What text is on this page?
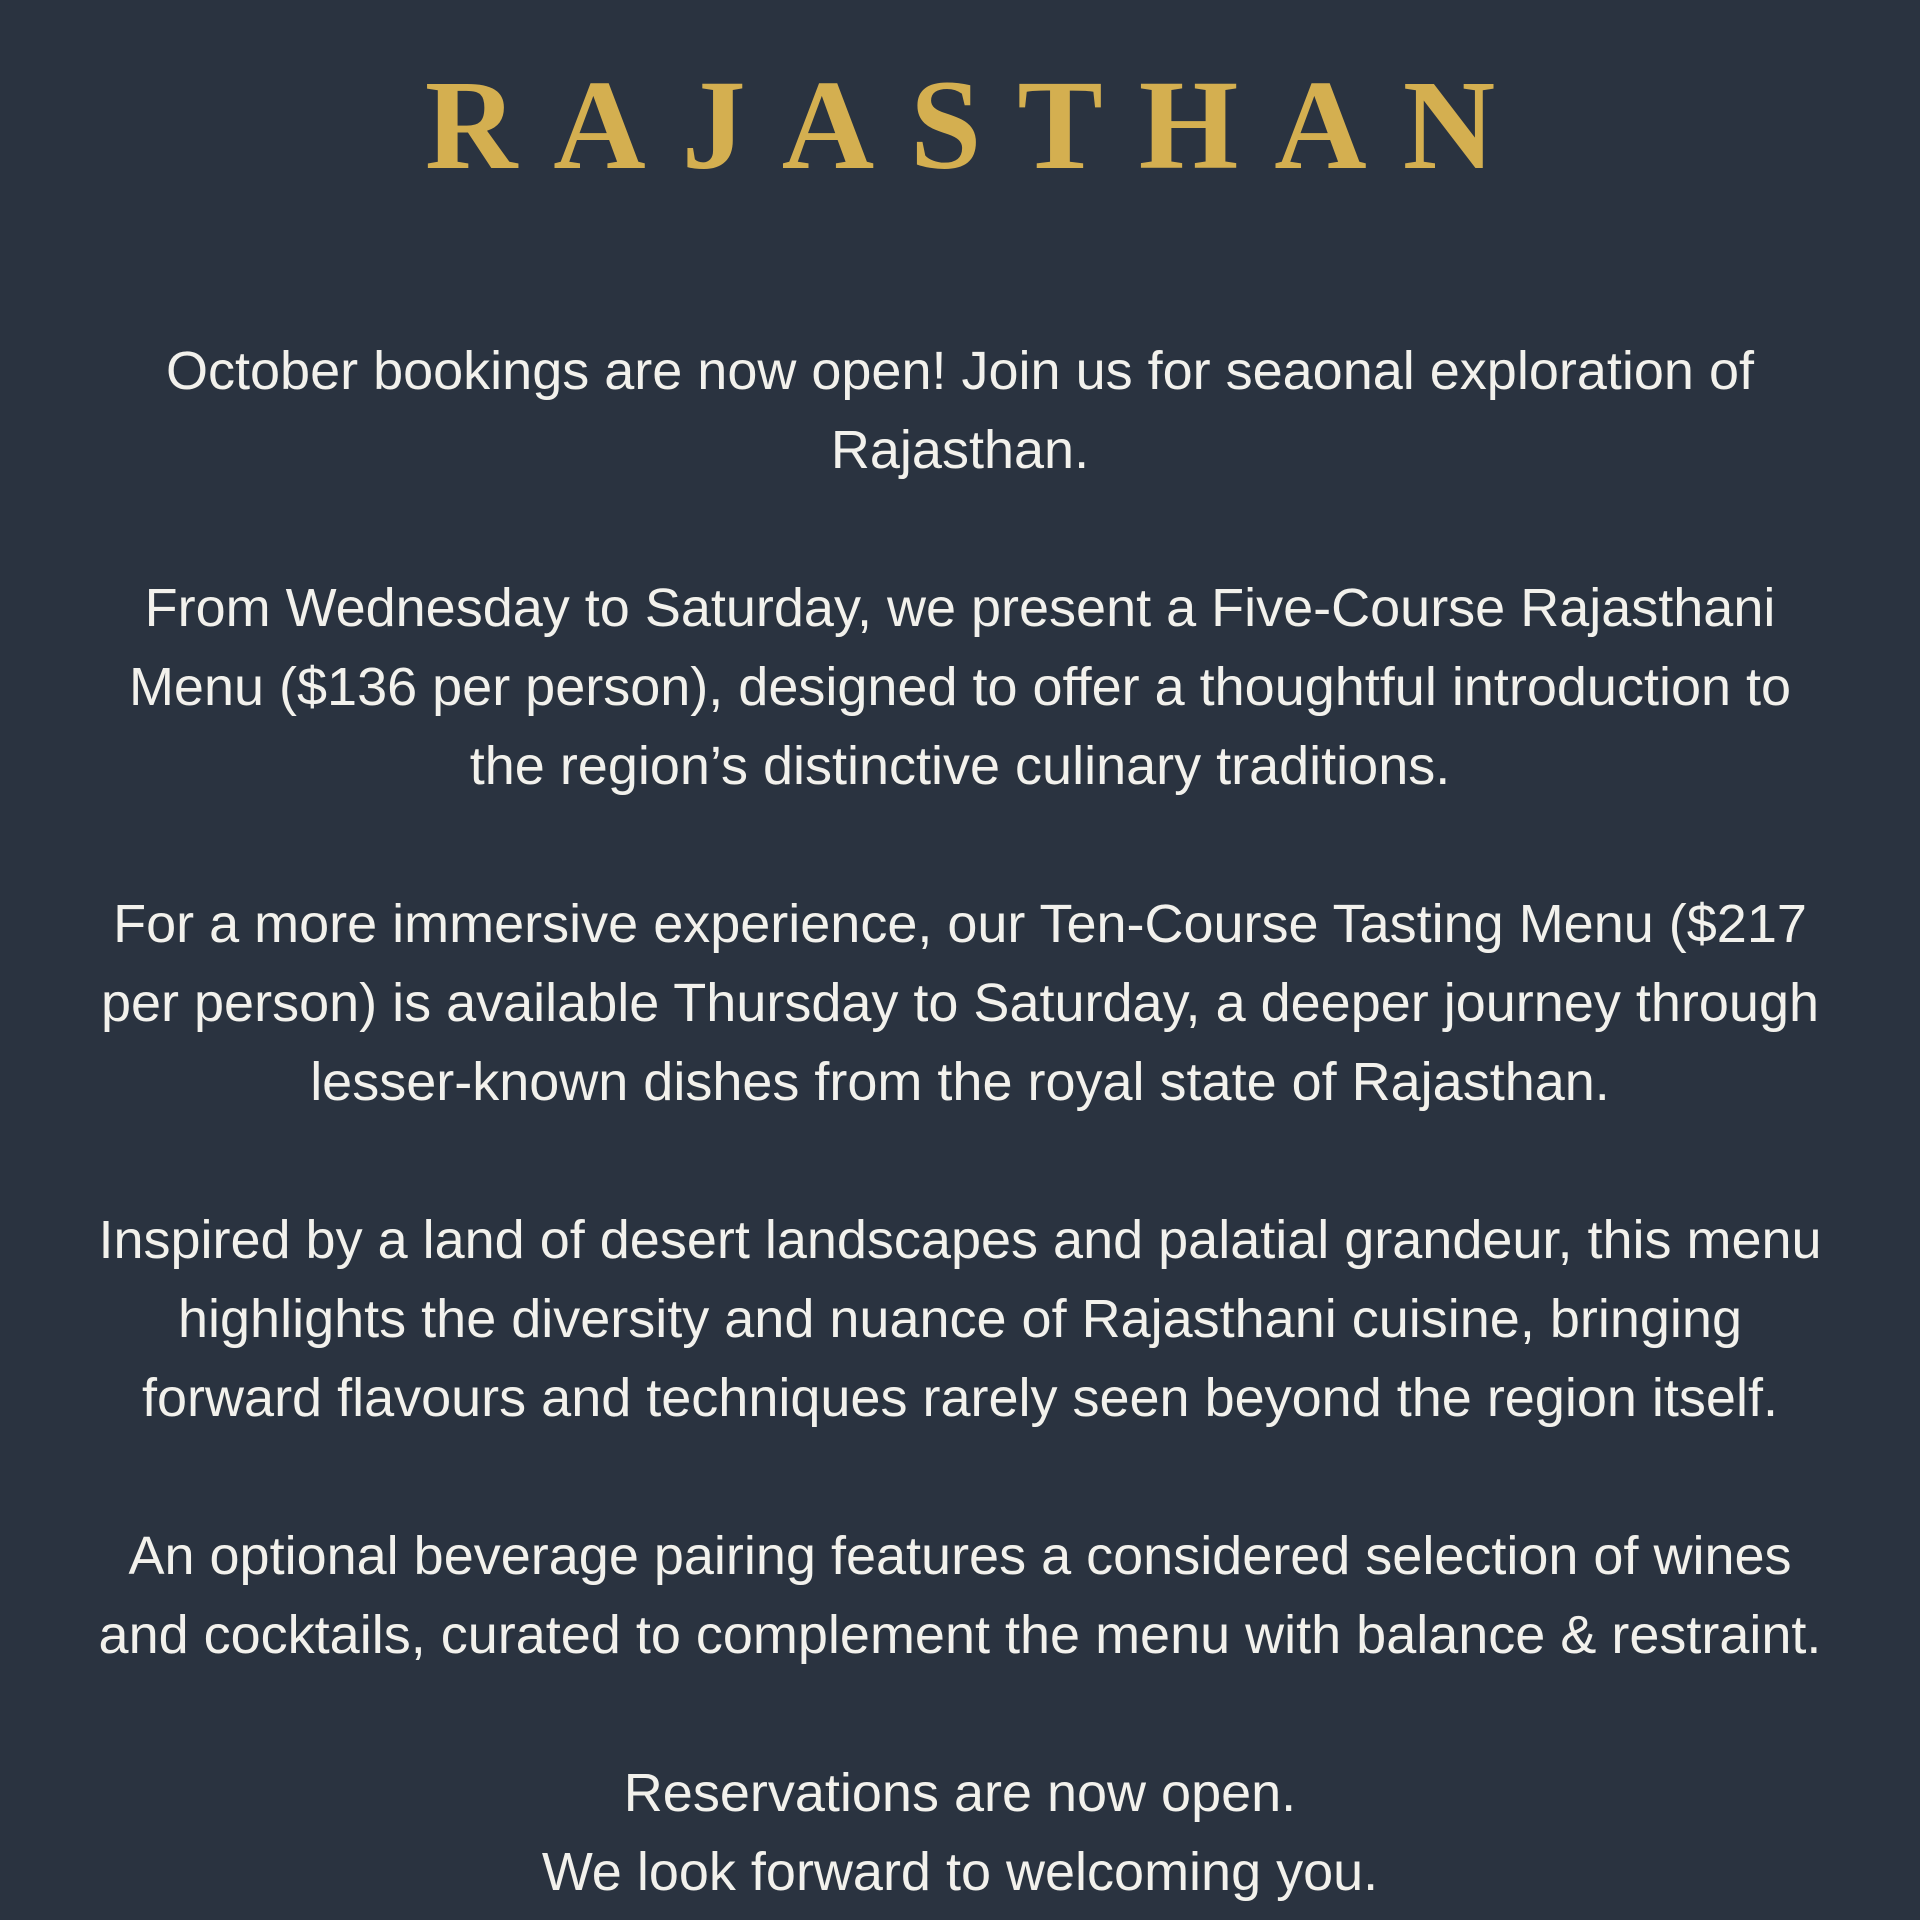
RAJASTHAN

October bookings are now open! Join us for seaonal exploration of
Rajasthan.

From Wednesday to Saturday, we present a Five-Course Rajasthani
Menu ($136 per person), designed to offer a thoughtful introduction to
the region’s distinctive culinary traditions.

For a more immersive experience, our Ten-Course Tasting Menu ($217
per person) is available Thursday to Saturday, a deeper journey through
lesser-known dishes from the royal state of Rajasthan.

Inspired by a land of desert landscapes and palatial grandeur, this menu
highlights the diversity and nuance of Rajasthani cuisine, bringing
forward flavours and techniques rarely seen beyond the region itself.

An optional beverage pairing features a considered selection of wines
and cocktails, curated to complement the menu with balance & restraint.

Reservations are now open.

We look forward to welcoming you.
